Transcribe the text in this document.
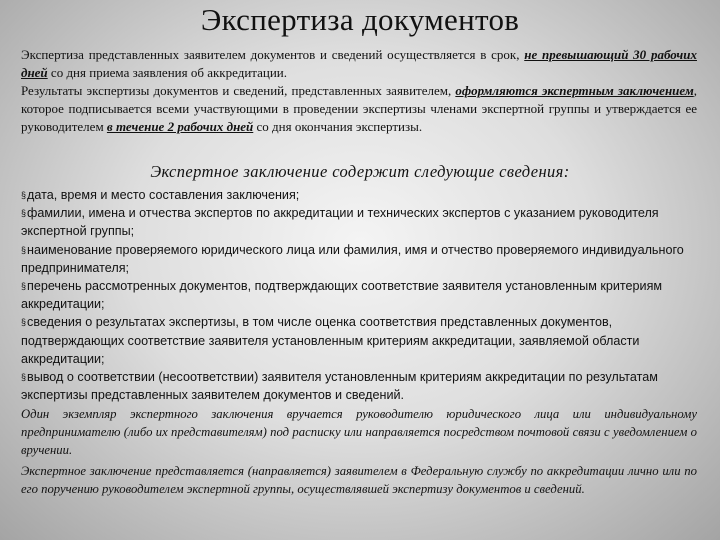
Экспертиза документов

Экспертиза представленных заявителем документов и сведений осуществляется в срок, не превышающий 30 рабочих дней со дня приема заявления об аккредитации.

Результаты экспертизы документов и сведений, представленных заявителем, оформляются экспертным заключением, которое подписывается всеми участвующими в проведении экспертизы членами экспертной группы и утверждается ее руководителем в течение 2 рабочих дней со дня окончания экспертизы.

Экспертное заключение содержит следующие сведения:

§дата, время и место составления заключения;

§фамилии, имена и отчества экспертов по аккредитации и технических экспертов с указанием руководителя экспертной группы;

§наименование проверяемого юридического лица или фамилия, имя и отчество проверяемого индивидуального предпринимателя;

§перечень рассмотренных документов, подтверждающих соответствие заявителя установленным критериям аккредитации;

§сведения о результатах экспертизы, в том числе оценка соответствия представленных документов, подтверждающих соответствие заявителя установленным критериям аккредитации, заявляемой области аккредитации;

§вывод о соответствии (несоответствии) заявителя установленным критериям аккредитации по результатам экспертизы представленных заявителем документов и сведений.

Один экземпляр экспертного заключения вручается руководителю юридического лица или индивидуальному предпринимателю (либо их представителям) под расписку или направляется посредством почтовой связи с уведомлением о вручении.

Экспертное заключение представляется (направляется) заявителем в Федеральную службу по аккредитации лично или по его поручению руководителем экспертной группы, осуществлявшей экспертизу документов и сведений.
